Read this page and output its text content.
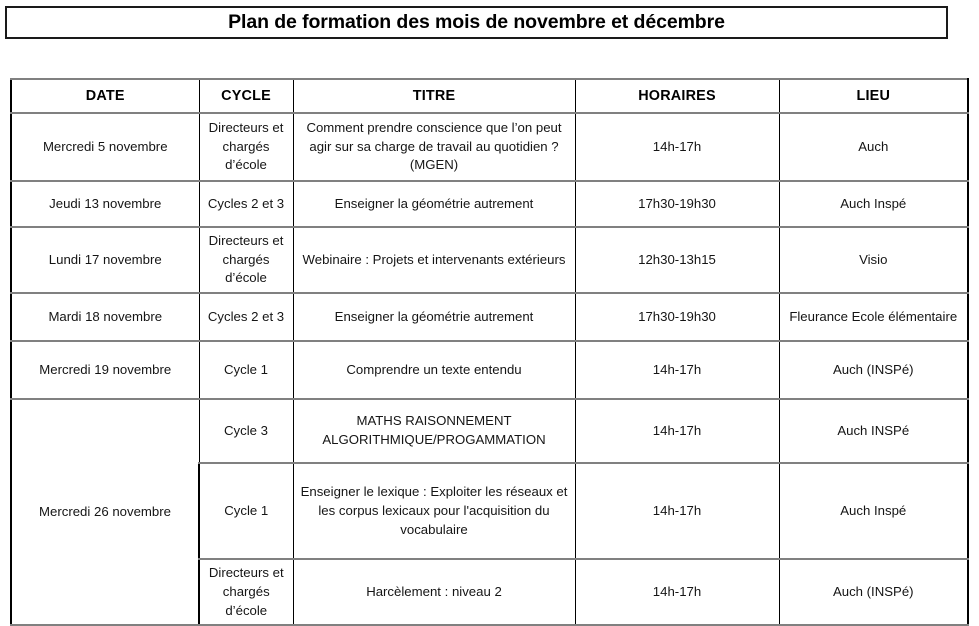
Plan de formation des mois de novembre et décembre
DATE	CYCLE	TITRE	HORAIRES	LIEU
Mercredi 5 novembre	Directeurs et chargés d’école	Comment prendre conscience que l’on peut agir sur sa charge de travail au quotidien ? (MGEN)	14h-17h	Auch
Jeudi 13 novembre	Cycles 2 et 3	Enseigner la géométrie autrement	17h30-19h30	Auch Inspé
Lundi 17 novembre	Directeurs et chargés d’école	Webinaire : Projets et intervenants extérieurs	12h30-13h15	Visio
Mardi 18 novembre	Cycles 2 et 3	Enseigner la géométrie autrement	17h30-19h30	Fleurance Ecole élémentaire
Mercredi 19 novembre	Cycle 1	Comprendre un texte entendu	14h-17h	Auch (INSPé)
Mercredi 26 novembre	Cycle 3	MATHS RAISONNEMENT ALGORITHMIQUE/PROGAMMATION	14h-17h	Auch INSPé
	Cycle 1	Enseigner le lexique : Exploiter les réseaux et les corpus lexicaux pour l'acquisition du vocabulaire	14h-17h	Auch Inspé
	Directeurs et chargés d’école	Harcèlement : niveau 2	14h-17h	Auch (INSPé)
